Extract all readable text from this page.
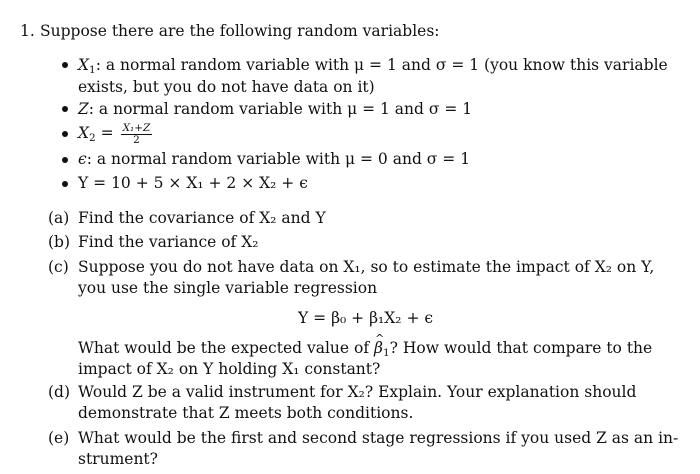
1. Suppose there are the following random variables:
$X_1$: a normal random variable with μ = 1 and σ = 1 (you know this variable
exists, but you do not have data on it)
Z: a normal random variable with μ = 1 and σ = 1
$X_2 = \frac{\text{X₁+Z}}{2}$
ϵ: a normal random variable with μ = 0 and σ = 1
Y = 10 + 5 × X₁ + 2 × X₂ + ϵ
(a) Find the covariance of X₂ and Y
(b) Find the variance of X₂
(c) Suppose you do not have data on X₁, so to estimate the impact of X₂ on Y,
you use the single variable regression
Y = β₀ + β₁X₂ + ϵ
What would be the expected value of ^ $\beta_1$? How would that compare to the
impact of X₂ on Y holding X₁ constant?
(d) Would Z be a valid instrument for X₂? Explain. Your explanation should
demonstrate that Z meets both conditions.
(e) What would be the first and second stage regressions if you used Z as an in-
strument?
